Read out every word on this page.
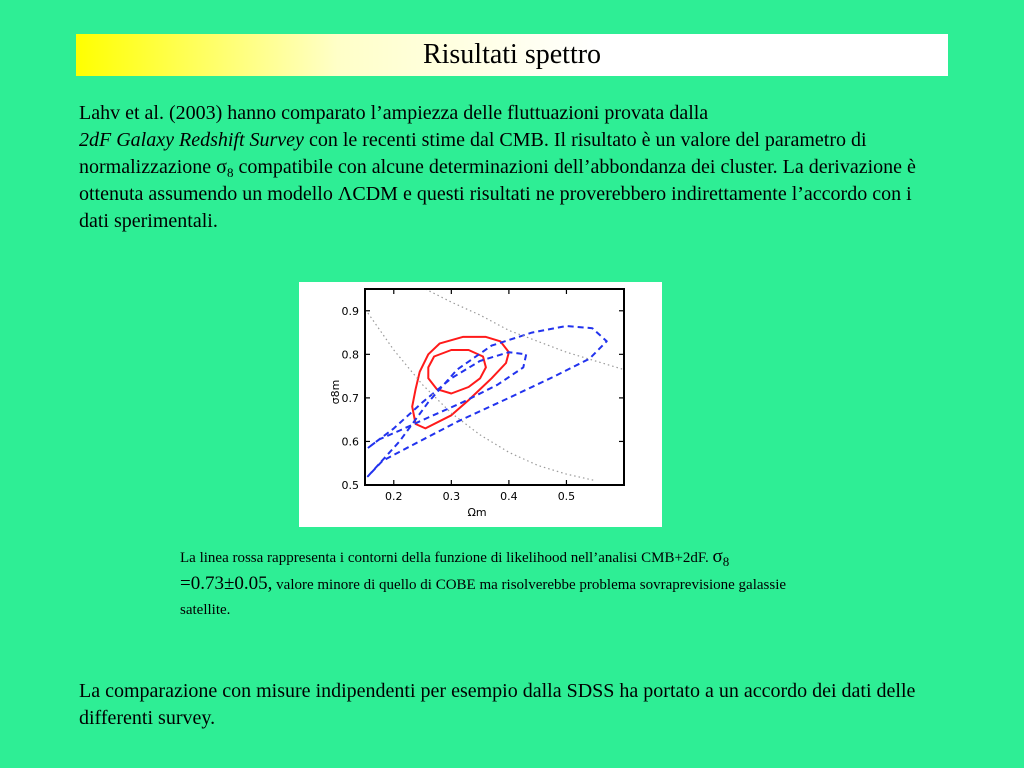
Risultati spettro

Lahv et al. (2003) hanno comparato l’ampiezza delle fluttuazioni provata dalla
2dF Galaxy Redshift Survey con le recenti stime dal CMB. Il risultato è un valore del parametro di normalizzazione $\sigma_8$ compatibile con alcune determinazioni dell’abbondanza dei cluster. La derivazione è ottenuta assumendo un modello ΛCDM e questi risultati ne proverebbero indirettamente l’accordo con i dati sperimentali.

0.2	0.3	0.4	0.5
0.5
0.6
0.7
0.8
0.9
σ8m
Ωm

La linea rossa rappresenta i contorni della funzione di likelihood nell’analisi CMB+2dF. $\sigma_8 =0.73\pm 0.05$, valore minore di quello di COBE ma risolverebbe problema sovraprevisione galassie satellite.

La comparazione con misure indipendenti per esempio dalla SDSS ha portato a un accordo dei dati delle differenti survey.
